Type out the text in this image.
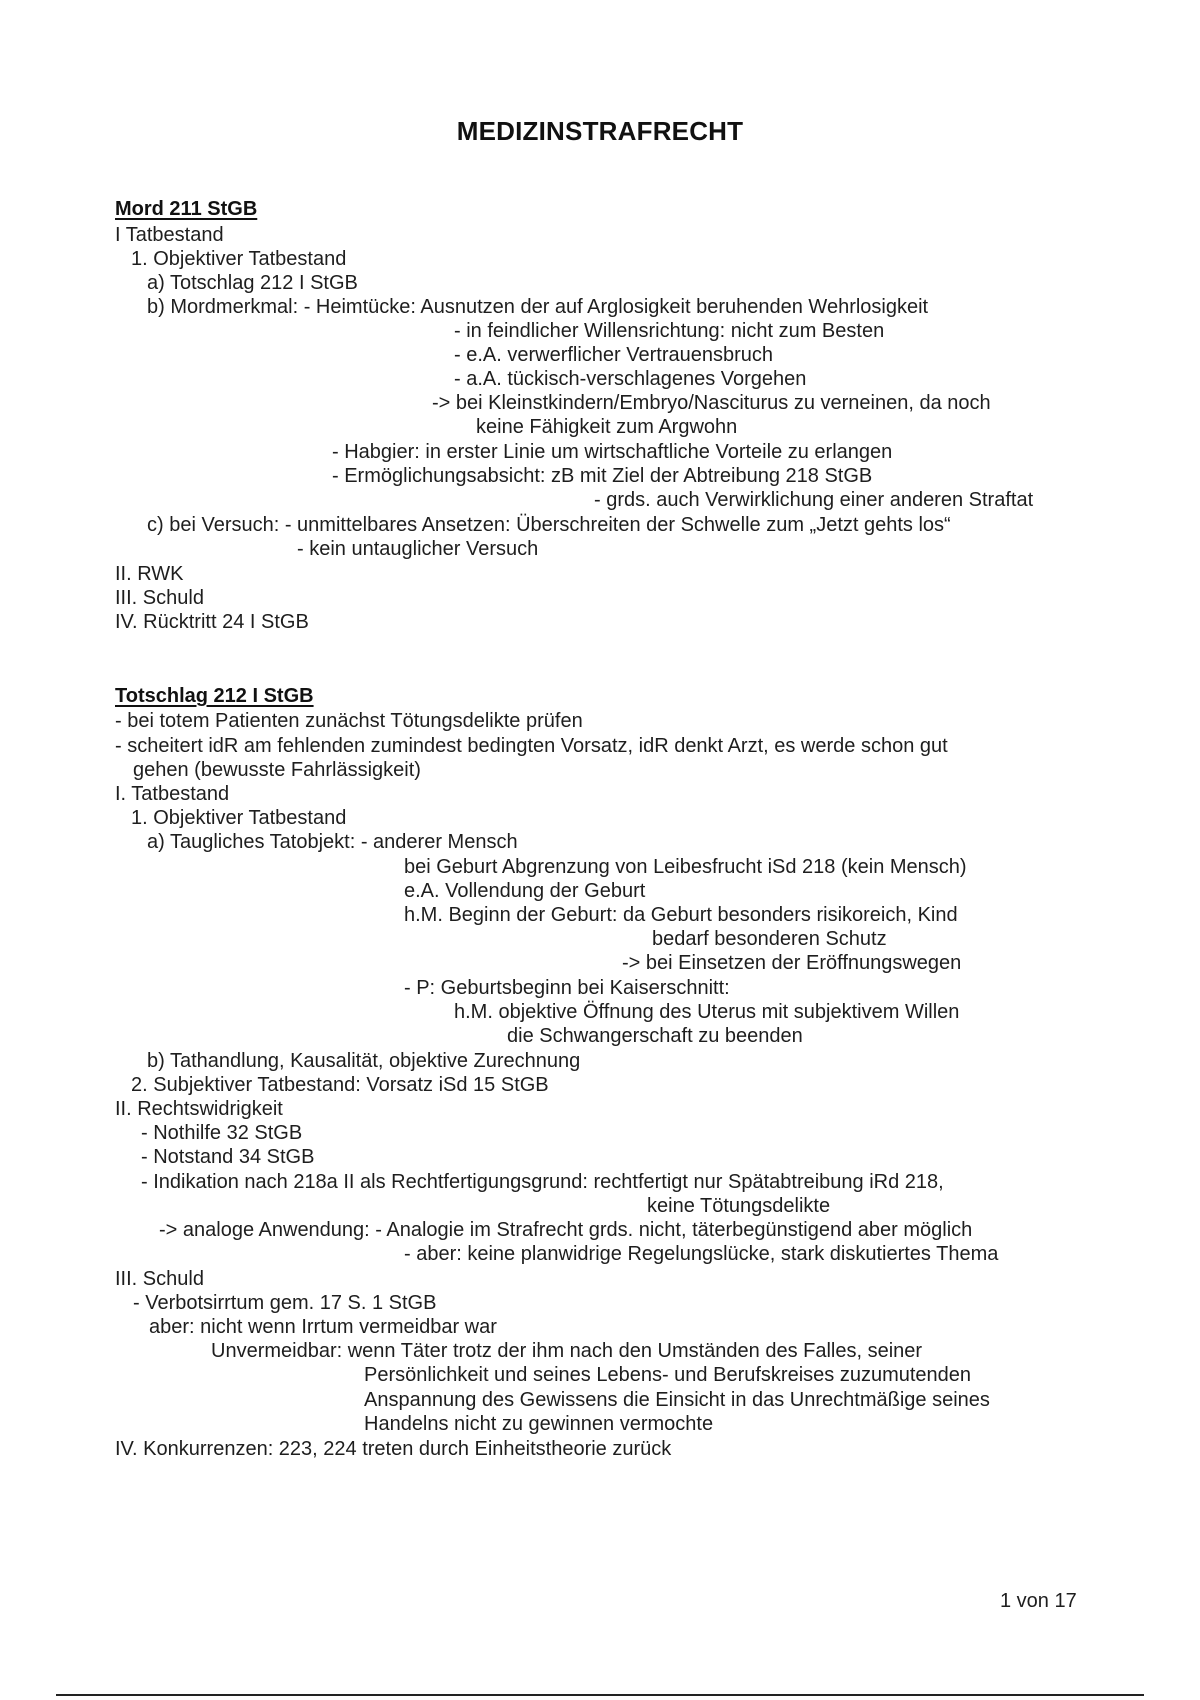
MEDIZINSTRAFRECHT
Mord 211 StGB
I Tatbestand
1. Objektiver Tatbestand
a) Totschlag 212 I StGB
b) Mordmerkmal: - Heimtücke: Ausnutzen der auf Arglosigkeit beruhenden Wehrlosigkeit
- in feindlicher Willensrichtung: nicht zum Besten
- e.A. verwerflicher Vertrauensbruch
- a.A. tückisch-verschlagenes Vorgehen
-> bei Kleinstkindern/Embryo/Nasciturus zu verneinen, da noch
keine Fähigkeit zum Argwohn
- Habgier: in erster Linie um wirtschaftliche Vorteile zu erlangen
- Ermöglichungsabsicht: zB mit Ziel der Abtreibung 218 StGB
- grds. auch Verwirklichung einer anderen Straftat
c) bei Versuch: - unmittelbares Ansetzen: Überschreiten der Schwelle zum „Jetzt gehts los“
- kein untauglicher Versuch
II. RWK
III. Schuld
IV. Rücktritt 24 I StGB
Totschlag 212 I StGB
- bei totem Patienten zunächst Tötungsdelikte prüfen
- scheitert idR am fehlenden zumindest bedingten Vorsatz, idR denkt Arzt, es werde schon gut
gehen (bewusste Fahrlässigkeit)
I. Tatbestand
1. Objektiver Tatbestand
a) Taugliches Tatobjekt: - anderer Mensch
bei Geburt Abgrenzung von Leibesfrucht iSd 218 (kein Mensch)
e.A. Vollendung der Geburt
h.M. Beginn der Geburt: da Geburt besonders risikoreich, Kind
bedarf besonderen Schutz
-> bei Einsetzen der Eröffnungswegen
- P: Geburtsbeginn bei Kaiserschnitt:
h.M. objektive Öffnung des Uterus mit subjektivem Willen
die Schwangerschaft zu beenden
b) Tathandlung, Kausalität, objektive Zurechnung
2. Subjektiver Tatbestand: Vorsatz iSd 15 StGB
II. Rechtswidrigkeit
- Nothilfe 32 StGB
- Notstand 34 StGB
- Indikation nach 218a II als Rechtfertigungsgrund: rechtfertigt nur Spätabtreibung iRd 218,
keine Tötungsdelikte
-> analoge Anwendung: - Analogie im Strafrecht grds. nicht, täterbegünstigend aber möglich
- aber: keine planwidrige Regelungslücke, stark diskutiertes Thema
III. Schuld
- Verbotsirrtum gem. 17 S. 1 StGB
aber: nicht wenn Irrtum vermeidbar war
Unvermeidbar: wenn Täter trotz der ihm nach den Umständen des Falles, seiner
Persönlichkeit und seines Lebens- und Berufskreises zuzumutenden
Anspannung des Gewissens die Einsicht in das Unrechtmäßige seines
Handelns nicht zu gewinnen vermochte
IV. Konkurrenzen: 223, 224 treten durch Einheitstheorie zurück
1 von 17
